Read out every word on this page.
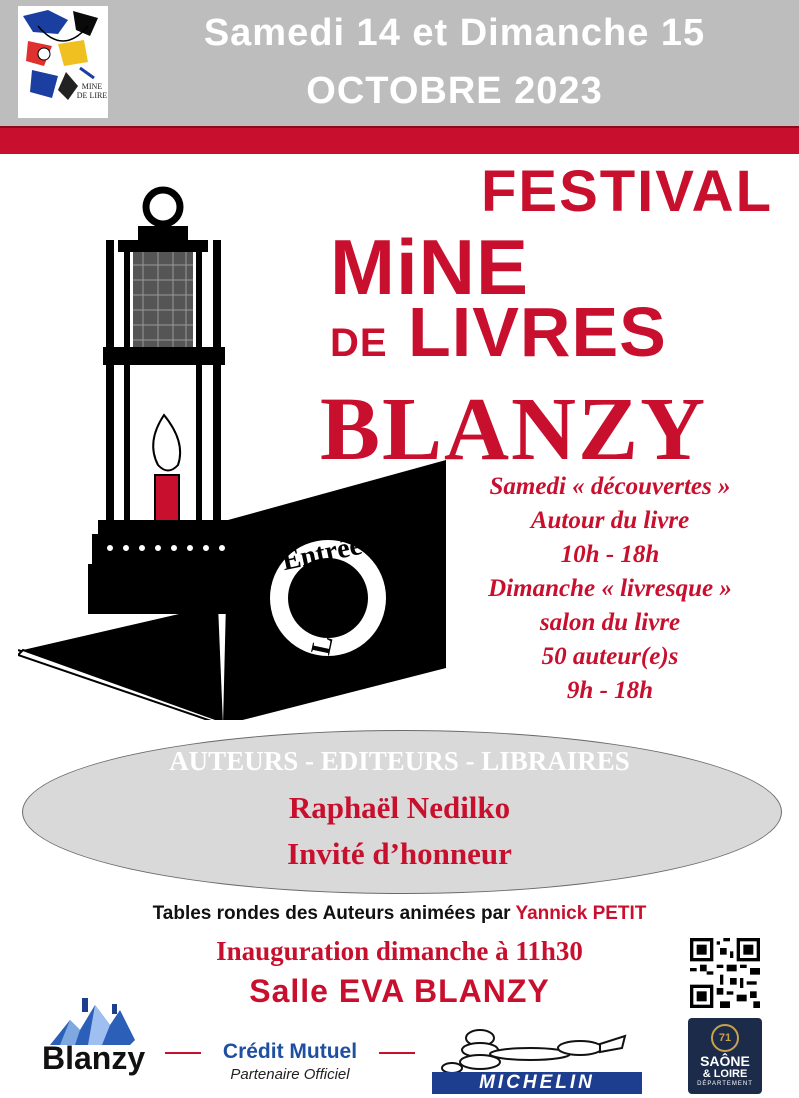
MINE DE LIRE
Samedi 14 et Dimanche 15
OCTOBRE 2023
Entrée
Libre
FESTIVAL
MiNE
DE LIVRES
BLANZY
Samedi « découvertes »
Autour du livre
10h - 18h
Dimanche « livresque »
salon du livre
50 auteur(e)s
9h - 18h
AUTEURS - EDITEURS - LIBRAIRES
Raphaël Nedilko
Invité d’honneur
Tables rondes des Auteurs animées par Yannick PETIT
Inauguration dimanche à 11h30
Salle EVA BLANZY
Blanzy	Crédit Mutuel
Partenaire Officiel	MICHELIN
71
SAÔNE
& LOIRE
DÉPARTEMENT
